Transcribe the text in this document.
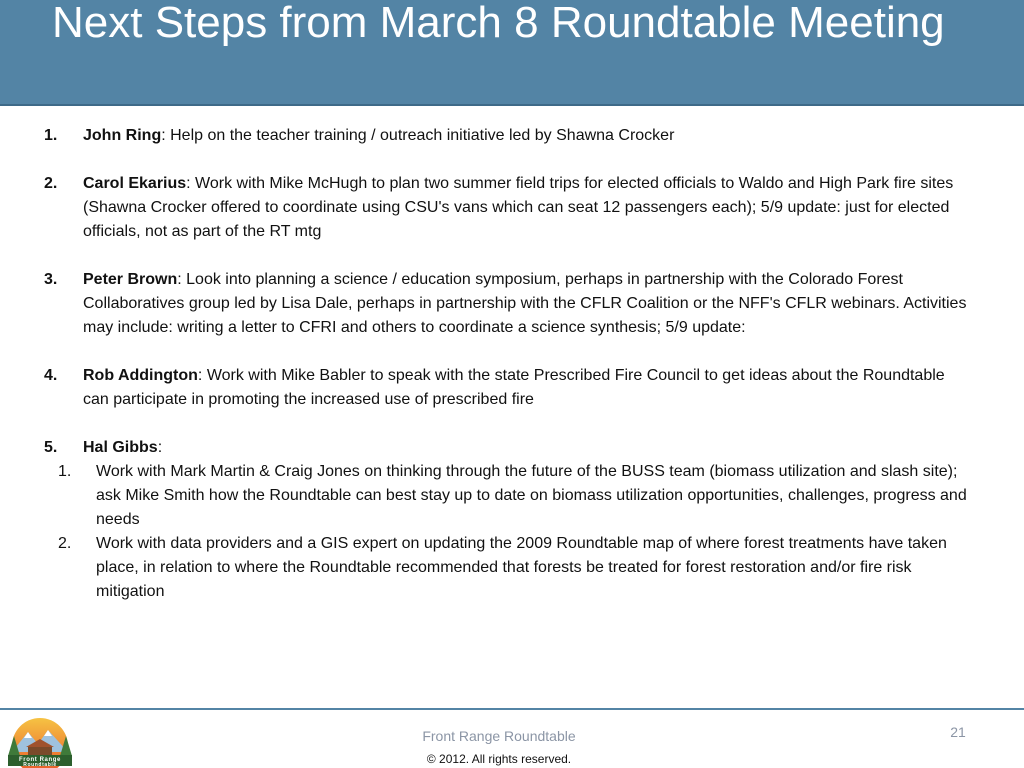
Next Steps from March 8 Roundtable Meeting
1. John Ring: Help on the teacher training / outreach initiative led by Shawna Crocker
2. Carol Ekarius: Work with Mike McHugh to plan two summer field trips for elected officials to Waldo and High Park fire sites (Shawna Crocker offered to coordinate using CSU's vans which can seat 12 passengers each); 5/9 update: just for elected officials, not as part of the RT mtg
3. Peter Brown: Look into planning a science / education symposium, perhaps in partnership with the Colorado Forest Collaboratives group led by Lisa Dale, perhaps in partnership with the CFLR Coalition or the NFF's CFLR webinars. Activities may include: writing a letter to CFRI and others to coordinate a science synthesis; 5/9 update:
4. Rob Addington: Work with Mike Babler to speak with the state Prescribed Fire Council to get ideas about the Roundtable can participate in promoting the increased use of prescribed fire
5. Hal Gibbs:
1. Work with Mark Martin & Craig Jones on thinking through the future of the BUSS team (biomass utilization and slash site); ask Mike Smith how the Roundtable can best stay up to date on biomass utilization opportunities, challenges, progress and needs
2. Work with data providers and a GIS expert on updating the 2009 Roundtable map of where forest treatments have taken place, in relation to where the Roundtable recommended that forests be treated for forest restoration and/or fire risk mitigation
Front Range
Roundtable
Front Range Roundtable
© 2012. All rights reserved.
21
